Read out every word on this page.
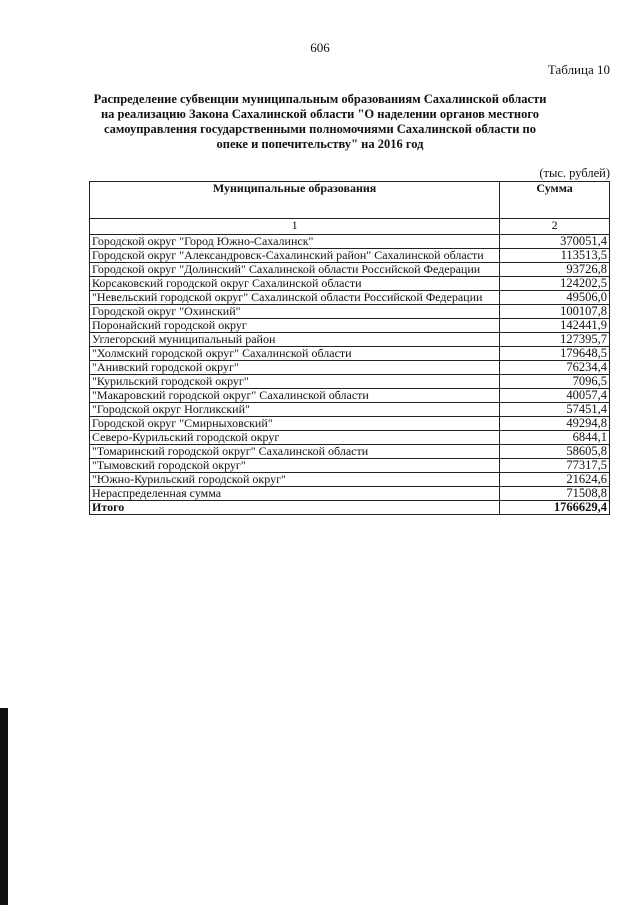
606
Таблица 10
Распределение субвенции муниципальным образованиям Сахалинской области на реализацию Закона Сахалинской области "О наделении органов местного самоуправления государственными полномочиями Сахалинской области по опеке и попечительству" на 2016 год
(тыс. рублей)
Муниципальные образования	Сумма
1	2
Городской округ "Город Южно-Сахалинск"	370051,4
Городской округ "Александровск-Сахалинский район" Сахалинской области	113513,5
Городской округ "Долинский" Сахалинской области Российской Федерации	93726,8
Корсаковский городской округ Сахалинской области	124202,5
"Невельский городской округ" Сахалинской области Российской Федерации	49506,0
Городской округ "Охинский"	100107,8
Поронайский городской округ	142441,9
Углегорский муниципальный район	127395,7
"Холмский городской округ" Сахалинской области	179648,5
"Анивский городской округ"	76234,4
"Курильский городской округ"	7096,5
"Макаровский городской округ" Сахалинской области	40057,4
"Городской округ Ногликский"	57451,4
Городской округ "Смирныховский"	49294,8
Северо-Курильский городской округ	6844,1
"Томаринский городской округ" Сахалинской области	58605,8
"Тымовский городской округ"	77317,5
"Южно-Курильский городской округ"	21624,6
Нераспределенная сумма	71508,8
Итого	1766629,4
